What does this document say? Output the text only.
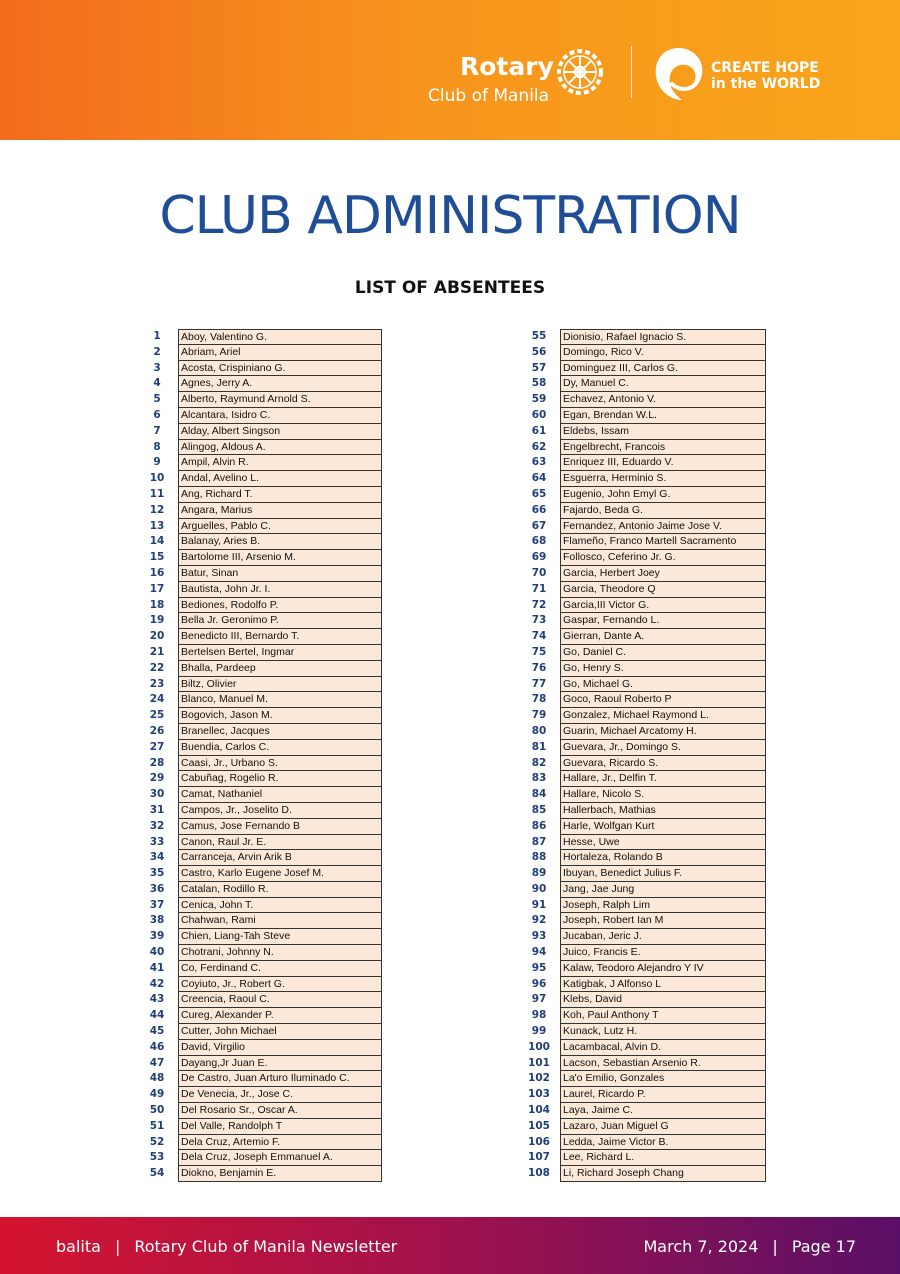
Rotary
Club of Manila
CREATE HOPE
in the WORLD
CLUB ADMINISTRATION
LIST OF ABSENTEES
1	Aboy, Valentino G.
2	Abriam, Ariel
3	Acosta, Crispiniano G.
4	Agnes, Jerry A.
5	Alberto, Raymund Arnold S.
6	Alcantara, Isidro C.
7	Alday, Albert Singson
8	Alingog, Aldous A.
9	Ampil, Alvin R.
10	Andal, Avelino L.
11	Ang, Richard T.
12	Angara, Marius
13	Arguelles, Pablo C.
14	Balanay, Aries B.
15	Bartolome III, Arsenio M.
16	Batur, Sinan
17	Bautista, John Jr. I.
18	Bediones, Rodolfo P.
19	Bella Jr. Geronimo P.
20	Benedicto III, Bernardo T.
21	Bertelsen Bertel, Ingmar
22	Bhalla, Pardeep
23	Biltz, Olivier
24	Blanco, Manuel M.
25	Bogovich, Jason M.
26	Branellec, Jacques
27	Buendia, Carlos C.
28	Caasi, Jr., Urbano S.
29	Cabuñag, Rogelio R.
30	Camat, Nathaniel
31	Campos, Jr., Joselito D.
32	Camus, Jose Fernando B
33	Canon, Raul Jr. E.
34	Carranceja, Arvin Arik B
35	Castro, Karlo Eugene Josef M.
36	Catalan, Rodillo R.
37	Cenica, John T.
38	Chahwan, Rami
39	Chien, Liang-Tah Steve
40	Chotrani, Johnny N.
41	Co, Ferdinand C.
42	Coyiuto, Jr., Robert G.
43	Creencia, Raoul C.
44	Cureg, Alexander P.
45	Cutter, John Michael
46	David, Virgilio
47	Dayang,Jr Juan E.
48	De Castro, Juan Arturo Iluminado C.
49	De Venecia, Jr., Jose C.
50	Del Rosario Sr., Oscar A.
51	Del Valle, Randolph T
52	Dela Cruz, Artemio F.
53	Dela Cruz, Joseph Emmanuel A.
54	Diokno, Benjamin E.
55	Dionisio, Rafael Ignacio S.
56	Domingo, Rico V.
57	Dominguez III, Carlos G.
58	Dy, Manuel C.
59	Echavez, Antonio V.
60	Egan, Brendan W.L.
61	Eldebs, Issam
62	Engelbrecht, Francois
63	Enriquez III, Eduardo V.
64	Esguerra, Herminio S.
65	Eugenio, John Emyl G.
66	Fajardo, Beda G.
67	Fernandez, Antonio Jaime Jose V.
68	Flameño, Franco Martell Sacramento
69	Follosco, Ceferino Jr. G.
70	Garcia, Herbert Joey
71	Garcia, Theodore Q
72	Garcia,III Victor G.
73	Gaspar, Fernando L.
74	Gierran, Dante A.
75	Go, Daniel C.
76	Go, Henry S.
77	Go, Michael G.
78	Goco, Raoul Roberto P
79	Gonzalez, Michael Raymond L.
80	Guarin, Michael Arcatomy H.
81	Guevara, Jr., Domingo S.
82	Guevara, Ricardo S.
83	Hallare, Jr., Delfin T.
84	Hallare, Nicolo S.
85	Hallerbach, Mathias
86	Harle, Wolfgan Kurt
87	Hesse, Uwe
88	Hortaleza, Rolando B
89	Ibuyan, Benedict Julius F.
90	Jang, Jae Jung
91	Joseph, Ralph Lim
92	Joseph, Robert Ian M
93	Jucaban, Jeric J.
94	Juico, Francis E.
95	Kalaw, Teodoro Alejandro Y IV
96	Katigbak, J Alfonso L
97	Klebs, David
98	Koh, Paul Anthony T
99	Kunack, Lutz H.
100	Lacambacal, Alvin D.
101	Lacson, Sebastian Arsenio R.
102	La'o Emilio, Gonzales
103	Laurel, Ricardo P.
104	Laya, Jaime C.
105	Lazaro, Juan Miguel G
106	Ledda, Jaime Victor B.
107	Lee, Richard L.
108	Li, Richard Joseph Chang
balita | Rotary Club of Manila Newsletter	March 7, 2024 | Page 17
